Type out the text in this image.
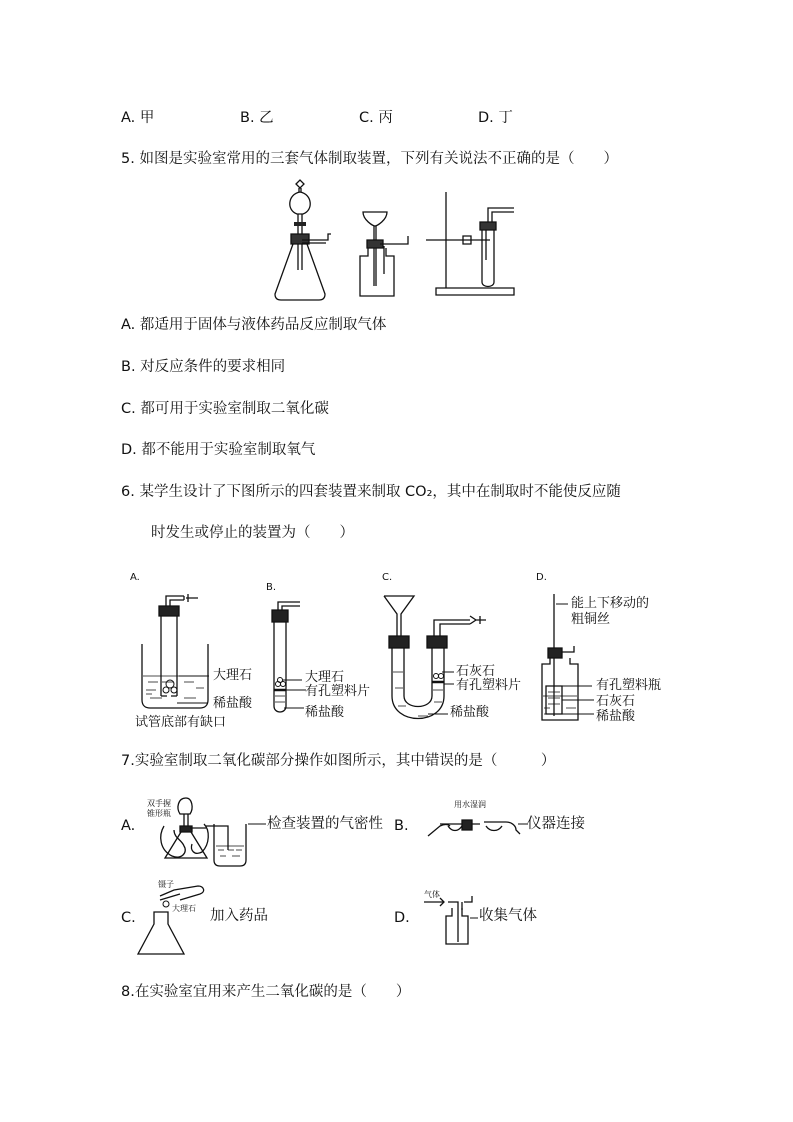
A. 甲	B. 乙	C. 丙	D. 丁
5. 如图是实验室常用的三套气体制取装置，下列有关说法不正确的是（　　）
A. 都适用于固体与液体药品反应制取气体
B. 对反应条件的要求相同
C. 都可用于实验室制取二氧化碳
D. 都不能用于实验室制取氧气
6. 某学生设计了下图所示的四套装置来制取 CO₂，其中在制取时不能使反应随
时发生或停止的装置为（　　）
A.
B.
C.	D.
大理石
稀盐酸
试管底部有缺口
大理石
有孔塑料片
稀盐酸
石灰石
有孔塑料片
稀盐酸
能上下移动的
粗铜丝
有孔塑料瓶
石灰石
稀盐酸
7.实验室制取二氧化碳部分操作如图所示，其中错误的是（　　　）
A.
双手握
锥形瓶
检查装置的气密性 B.
用水湿润
仪器连接
C.
镊子
大理石 加入药品	D.
气体
收集气体
8.在实验室宜用来产生二氧化碳的是（　　）
